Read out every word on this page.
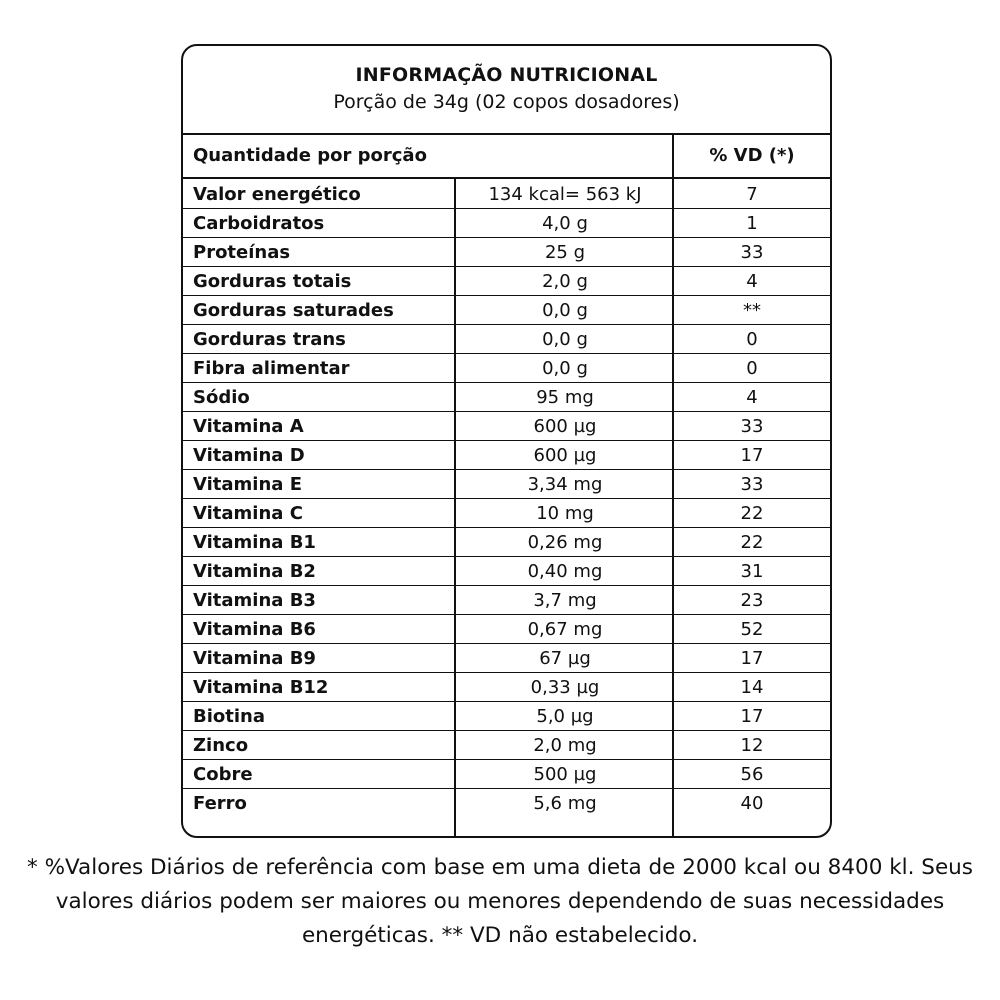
INFORMAÇÃO NUTRICIONAL
Porção de 34g (02 copos dosadores)
Quantidade por porção	% VD (*)
Valor energético	134 kcal= 563 kJ	7
Carboidratos	4,0 g	1
Proteínas	25 g	33
Gorduras totais	2,0 g	4
Gorduras saturades	0,0 g	**
Gorduras trans	0,0 g	0
Fibra alimentar	0,0 g	0
Sódio	95 mg	4
Vitamina A	600 µg	33
Vitamina D	600 µg	17
Vitamina E	3,34 mg	33
Vitamina C	10 mg	22
Vitamina B1	0,26 mg	22
Vitamina B2	0,40 mg	31
Vitamina B3	3,7 mg	23
Vitamina B6	0,67 mg	52
Vitamina B9	67 µg	17
Vitamina B12	0,33 µg	14
Biotina	5,0 µg	17
Zinco	2,0 mg	12
Cobre	500 µg	56
Ferro	5,6 mg	40
* %Valores Diários de referência com base em uma dieta de 2000 kcal ou 8400 kl. Seus
valores diários podem ser maiores ou menores dependendo de suas necessidades
energéticas. ** VD não estabelecido.
